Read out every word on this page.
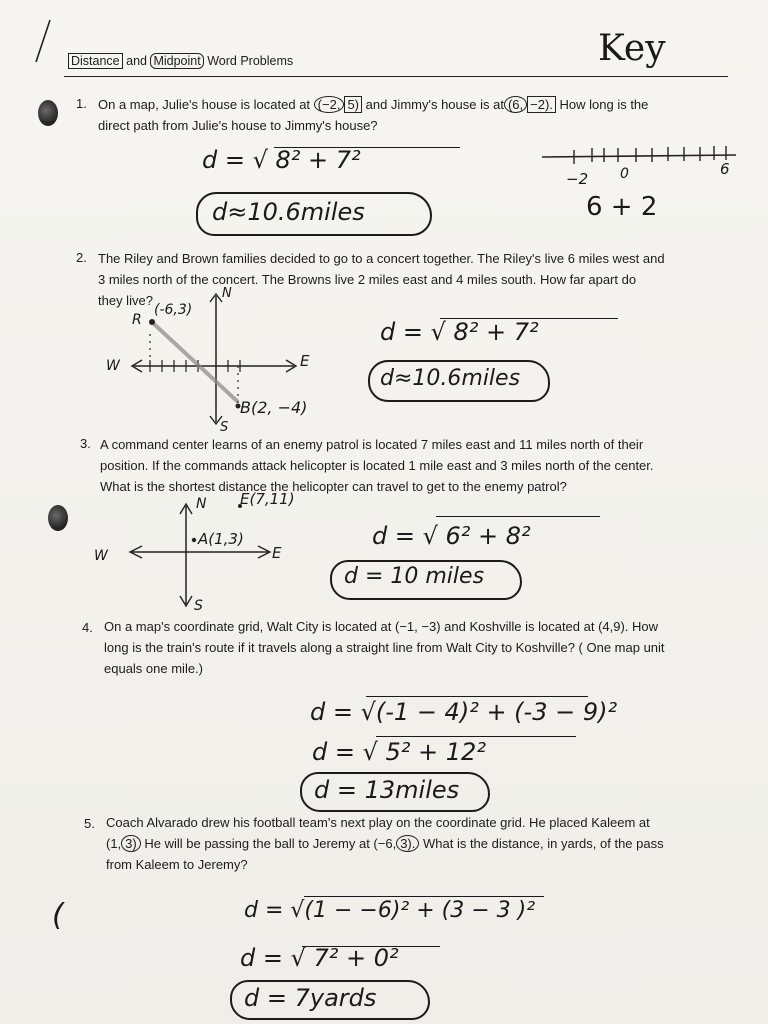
Distance and Midpoint Word Problems	Key
1. On a map, Julie's house is located at (−2, 5) and Jimmy's house is at (6, −2). How long is the
direct path from Julie's house to Jimmy's house?
d = √ 8² + 7²
d≈10.6miles
−2 0	6
6 + 2
2. The Riley and Brown families decided to go to a concert together. The Riley's live 6 miles west and
3 miles north of the concert. The Browns live 2 miles east and 4 miles south. How far apart do
they live?	N
W	E
S
R
(-6,3)
B(2, −4)
d = √ 8² + 7²
d≈10.6miles
3. A command center learns of an enemy patrol is located 7 miles east and 11 miles north of their
position. If the commands attack helicopter is located 1 mile east and 3 miles north of the center.
What is the shortest distance the helicopter can travel to get to the enemy patrol?
N E(7,11)
A(1,3)
W	E
S
d = √ 6² + 8²
d = 10 miles
4. On a map's coordinate grid, Walt City is located at (−1, −3) and Koshville is located at (4,9). How
long is the train's route if it travels along a straight line from Walt City to Koshville? ( One map unit
equals one mile.)
d = √(-1 − 4)² + (-3 − 9)²
d = √ 5² + 12²
d = 13miles
5. Coach Alvarado drew his football team's next play on the coordinate grid. He placed Kaleem at
(1, 3) He will be passing the ball to Jeremy at (−6, 3). What is the distance, in yards, of the pass
from Kaleem to Jeremy?
(	d = √(1 − −6)² + (3 − 3 )²
d = √ 7² + 0²
d = 7yards
